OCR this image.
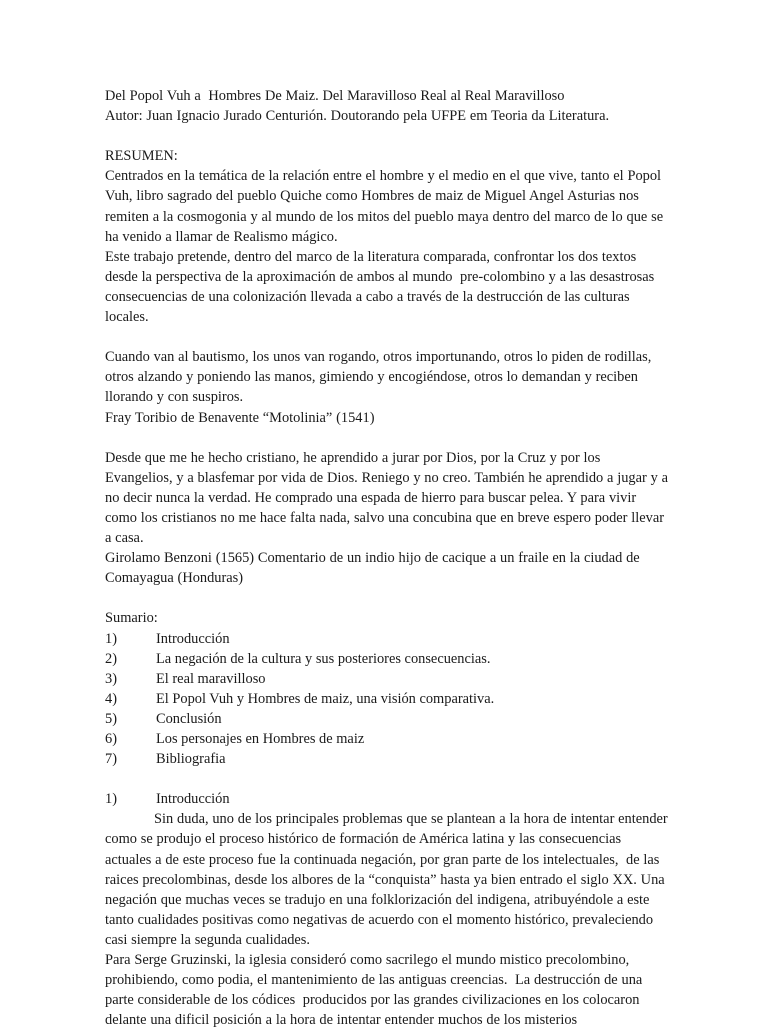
Del Popol Vuh a  Hombres De Maiz. Del Maravilloso Real al Real Maravilloso
Autor: Juan Ignacio Jurado Centurión. Doutorando pela UFPE em Teoria da Literatura.
RESUMEN:
Centrados en la temática de la relación entre el hombre y el medio en el que vive, tanto el Popol Vuh, libro sagrado del pueblo Quiche como Hombres de maiz de Miguel Angel Asturias nos remiten a la cosmogonia y al mundo de los mitos del pueblo maya dentro del marco de lo que se ha venido a llamar de Realismo mágico.
Este trabajo pretende, dentro del marco de la literatura comparada, confrontar los dos textos desde la perspectiva de la aproximación de ambos al mundo  pre-colombino y a las desastrosas consecuencias de una colonización llevada a cabo a través de la destrucción de las culturas locales.
Cuando van al bautismo, los unos van rogando, otros importunando, otros lo piden de rodillas, otros alzando y poniendo las manos, gimiendo y encogiéndose, otros lo demandan y reciben llorando y con suspiros.
Fray Toribio de Benavente “Motolinia” (1541)
Desde que me he hecho cristiano, he aprendido a jurar por Dios, por la Cruz y por los Evangelios, y a blasfemar por vida de Dios. Reniego y no creo. También he aprendido a jugar y a no decir nunca la verdad. He comprado una espada de hierro para buscar pelea. Y para vivir como los cristianos no me hace falta nada, salvo una concubina que en breve espero poder llevar a casa.
Girolamo Benzoni (1565) Comentario de un indio hijo de cacique a un fraile en la ciudad de Comayagua (Honduras)
Sumario:
1)	Introducción
2)	La negación de la cultura y sus posteriores consecuencias.
3)	El real maravilloso
4)	El Popol Vuh y Hombres de maiz, una visión comparativa.
5)	Conclusión
6)	Los personajes en Hombres de maiz
7)	Bibliografia
1)	Introducción
Sin duda, uno de los principales problemas que se plantean a la hora de intentar entender como se produjo el proceso histórico de formación de América latina y las consecuencias actuales a de este proceso fue la continuada negación, por gran parte de los intelectuales,  de las raices precolombinas, desde los albores de la “conquista” hasta ya bien entrado el siglo XX. Una negación que muchas veces se tradujo en una folklorización del indigena, atribuyéndole a este tanto cualidades positivas como negativas de acuerdo con el momento histórico, prevaleciendo casi siempre la segunda cualidades.
Para Serge Gruzinski, la iglesia consideró como sacrilego el mundo mistico precolombino, prohibiendo, como podia, el mantenimiento de las antiguas creencias.  La destrucción de una parte considerable de los códices  producidos por las grandes civilizaciones en los colocaron delante una dificil posición a la hora de intentar entender muchos de los misterios
